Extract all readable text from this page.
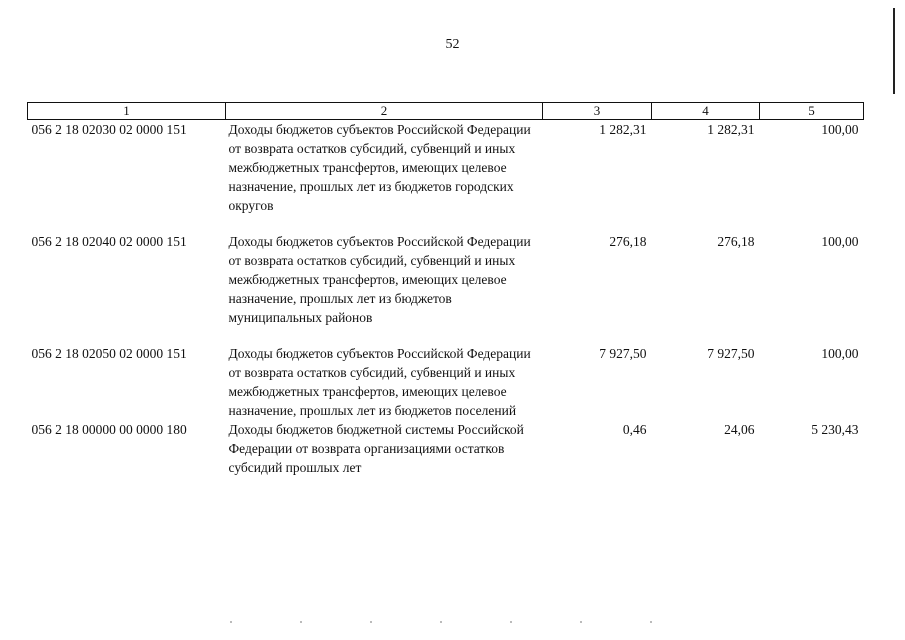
52
1	2	3	4	5
056 2 18 02030 02 0000 151	Доходы бюджетов субъектов Российской Федерации от возврата остатков субсидий, субвенций и иных межбюджетных трансфертов, имеющих целевое назначение, прошлых лет из бюджетов городских округов	1 282,31	1 282,31	100,00
056 2 18 02040 02 0000 151	Доходы бюджетов субъектов Российской Федерации от возврата остатков субсидий, субвенций и иных межбюджетных трансфертов, имеющих целевое назначение, прошлых лет из бюджетов муниципальных районов	276,18	276,18	100,00
056 2 18 02050 02 0000 151	Доходы бюджетов субъектов Российской Федерации от возврата остатков субсидий, субвенций и иных межбюджетных трансфертов, имеющих целевое назначение, прошлых лет из бюджетов поселений	7 927,50	7 927,50	100,00
056 2 18 00000 00 0000 180	Доходы бюджетов бюджетной системы Российской Федерации от возврата организациями остатков субсидий прошлых лет	0,46	24,06	5 230,43
